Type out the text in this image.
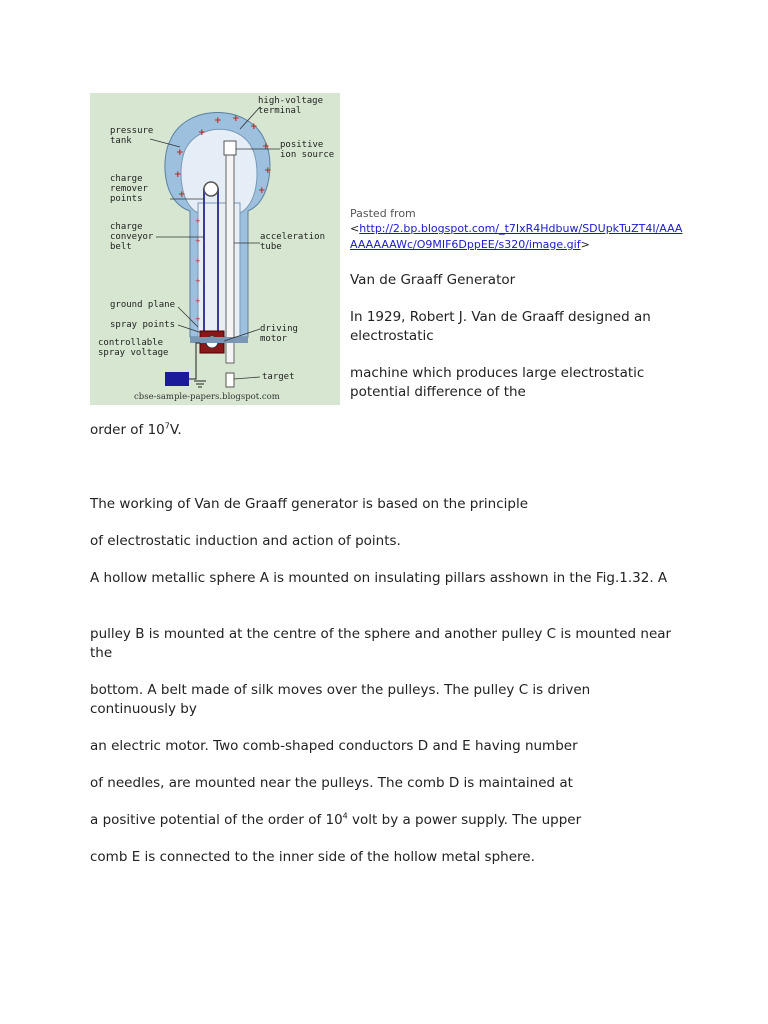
+
+ +
+
+
+
+
+
+	+
+
+
+
+
+
+
high-voltage terminal
pressure tank	positive ion source
charge remover points
charge conveyor belt
acceleration tube
ground plane
spray points	driving motor
controllable spray voltage
target
cbse-sample-papers.blogspot.com
Pasted from
<http://2.bp.blogspot.com/_t7IxR4Hdbuw/SDUpkTuZT4I/AAAAAAAAAWc/O9MIF6DppEE/s320/image.gif>

Van de Graaff Generator

In 1929, Robert J. Van de Graaff designed an electrostatic

machine which produces large electrostatic potential difference of the

order of $10^7V$.

The working of Van de Graaff generator is based on the principle

of electrostatic induction and action of points.

A hollow metallic sphere A is mounted on insulating pillars asshown in the Fig.1.32. A

pulley B is mounted at the centre of the sphere and another pulley C is mounted near the

bottom. A belt made of silk moves over the pulleys. The pulley C is driven continuously by

an electric motor. Two comb-shaped conductors D and E having number

of needles, are mounted near the pulleys. The comb D is maintained at

a positive potential of the order of $10^4$ volt by a power supply. The upper

comb E is connected to the inner side of the hollow metal sphere.
